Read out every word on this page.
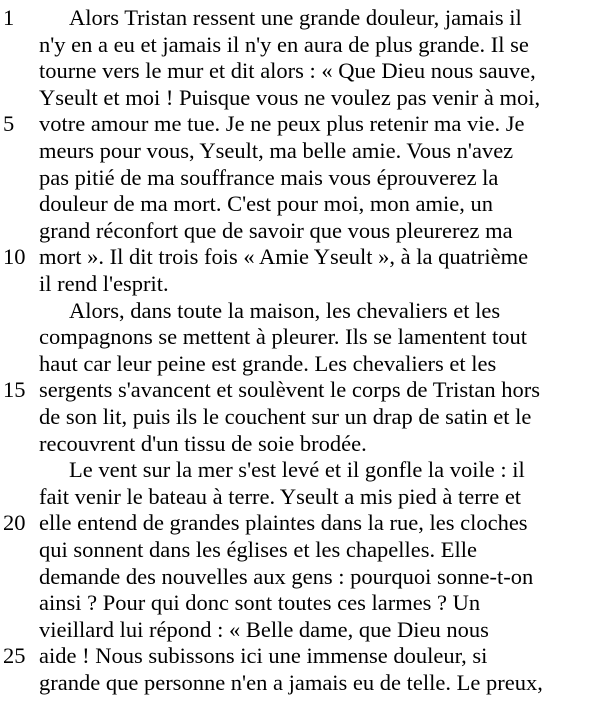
1	Alors Tristan ressent une grande douleur, jamais il
n'y en a eu et jamais il n'y en aura de plus grande. Il se
tourne vers le mur et dit alors : « Que Dieu nous sauve,
Yseult et moi ! Puisque vous ne voulez pas venir à moi,
5	votre amour me tue. Je ne peux plus retenir ma vie. Je
meurs pour vous, Yseult, ma belle amie. Vous n'avez
pas pitié de ma souffrance mais vous éprouverez la
douleur de ma mort. C'est pour moi, mon amie, un
grand réconfort que de savoir que vous pleurerez ma
10 mort ». Il dit trois fois « Amie Yseult », à la quatrième
il rend l'esprit.
Alors, dans toute la maison, les chevaliers et les
compagnons se mettent à pleurer. Ils se lamentent tout
haut car leur peine est grande. Les chevaliers et les
15 sergents s'avancent et soulèvent le corps de Tristan hors
de son lit, puis ils le couchent sur un drap de satin et le
recouvrent d'un tissu de soie brodée.
Le vent sur la mer s'est levé et il gonfle la voile : il
fait venir le bateau à terre. Yseult a mis pied à terre et
20 elle entend de grandes plaintes dans la rue, les cloches
qui sonnent dans les églises et les chapelles. Elle
demande des nouvelles aux gens : pourquoi sonne-t-on
ainsi ? Pour qui donc sont toutes ces larmes ? Un
vieillard lui répond : « Belle dame, que Dieu nous
25 aide ! Nous subissons ici une immense douleur, si
grande que personne n'en a jamais eu de telle. Le preux,
